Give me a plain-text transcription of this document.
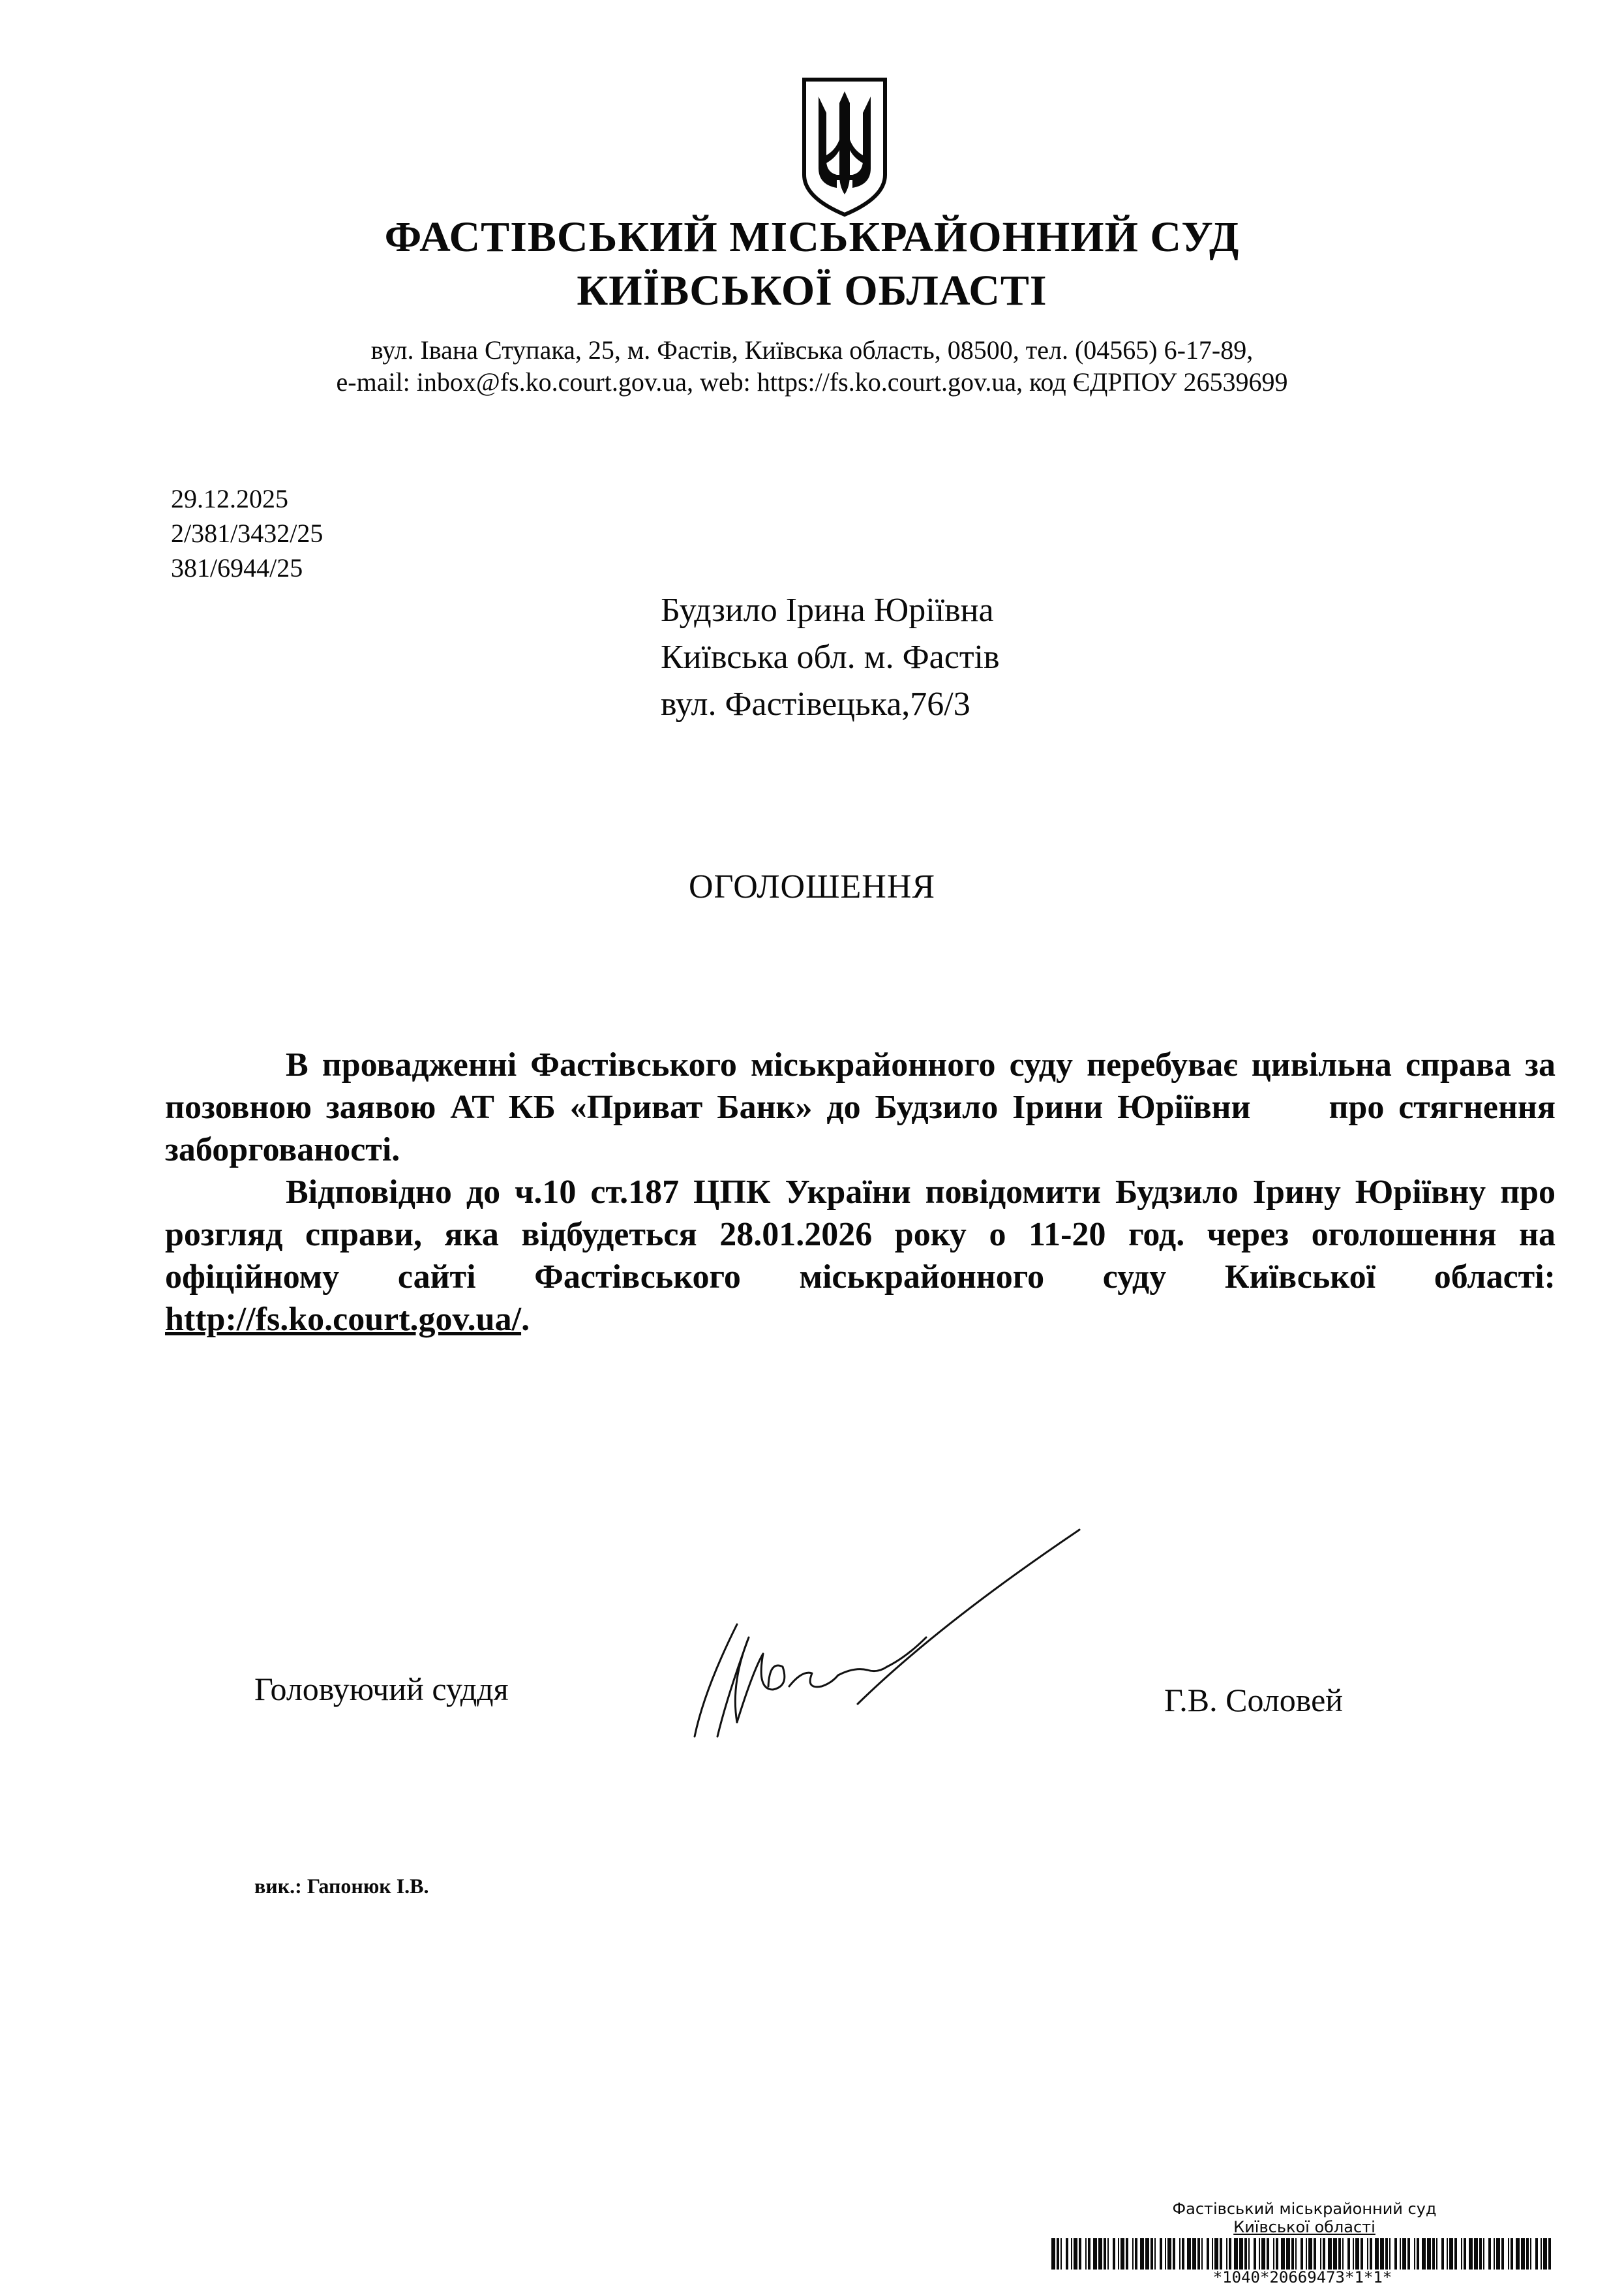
ФАСТІВСЬКИЙ МІСЬКРАЙОННИЙ СУД
КИЇВСЬКОЇ ОБЛАСТІ
вул. Івана Ступака, 25, м. Фастів, Київська область, 08500, тел. (04565) 6-17-89,
e-mail: inbox@fs.ko.court.gov.ua, web: https://fs.ko.court.gov.ua, код ЄДРПОУ 26539699
29.12.2025
2/381/3432/25
381/6944/25
Будзило Ірина Юріївна
Київська обл. м. Фастів
вул. Фастівецька,76/3
ОГОЛОШЕННЯ

В провадженні Фастівського міськрайонного суду перебуває цивільна справа за позовною заявою АТ КБ «Приват Банк» до Будзило Ірини Юріївни про стягнення заборгованості.

Відповідно до ч.10 ст.187 ЦПК України повідомити Будзило Ірину Юріївну про розгляд справи, яка відбудеться 28.01.2026 року о 11-20 год. через оголошення на офіційному сайті Фастівського міськрайонного суду Київської області: http://fs.ko.court.gov.ua/.

Головуючий суддя	Г.В. Соловей
вик.: Гапонюк І.В.
Фастівський міськрайонний суд
Київської області
*1040*20669473*1*1*
